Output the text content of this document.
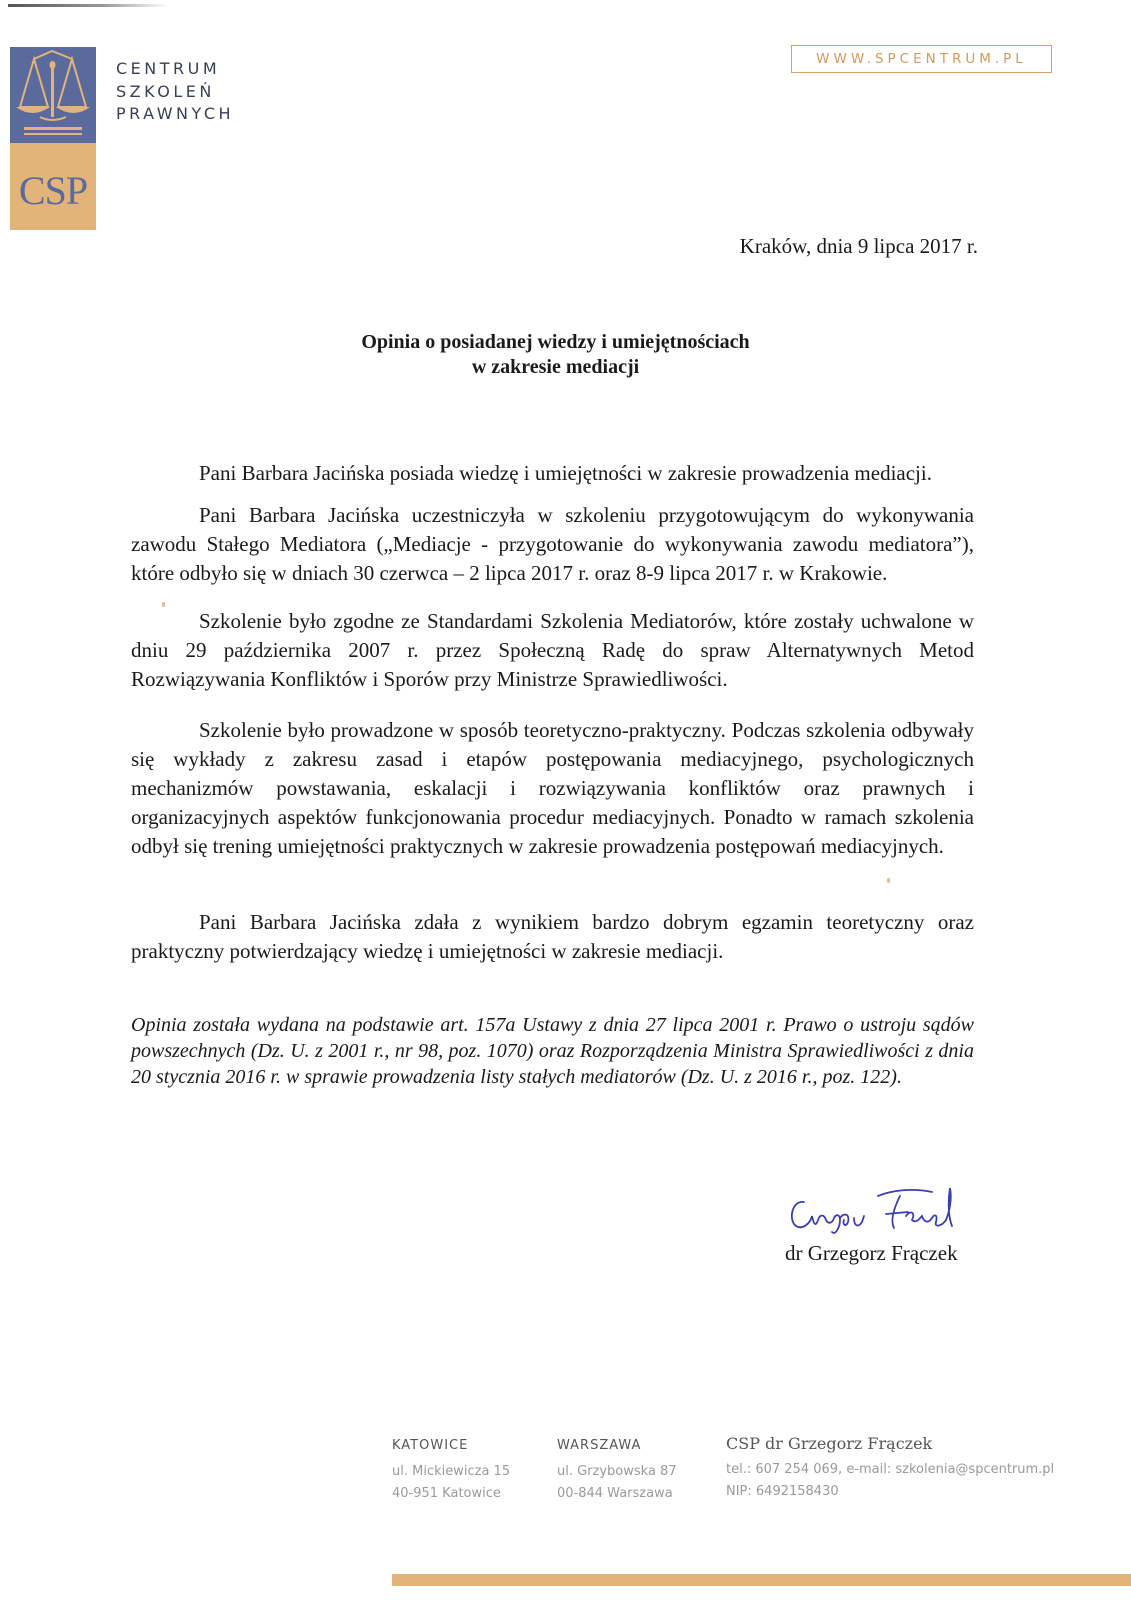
CSP
CENTRUM
SZKOLEŃ
PRAWNYCH
WWW.SPCENTRUM.PL
Kraków, dnia 9 lipca 2017 r.
Opinia o posiadanej wiedzy i umiejętnościach
w zakresie mediacji

Pani Barbara Jacińska posiada wiedzę i umiejętności w zakresie prowadzenia mediacji.

Pani Barbara Jacińska uczestniczyła w szkoleniu przygotowującym do wykonywania zawodu Stałego Mediatora („Mediacje - przygotowanie do wykonywania zawodu mediatora”), które odbyło się w dniach 30 czerwca – 2 lipca 2017 r. oraz 8-9 lipca 2017 r. w Krakowie.

Szkolenie było zgodne ze Standardami Szkolenia Mediatorów, które zostały uchwalone w dniu 29 października 2007 r. przez Społeczną Radę do spraw Alternatywnych Metod Rozwiązywania Konfliktów i Sporów przy Ministrze Sprawiedliwości.

Szkolenie było prowadzone w sposób teoretyczno-praktyczny. Podczas szkolenia odbywały się wykłady z zakresu zasad i etapów postępowania mediacyjnego, psychologicznych mechanizmów powstawania, eskalacji i rozwiązywania konfliktów oraz prawnych i organizacyjnych aspektów funkcjonowania procedur mediacyjnych. Ponadto w ramach szkolenia odbył się trening umiejętności praktycznych w zakresie prowadzenia postępowań mediacyjnych.

Pani Barbara Jacińska zdała z wynikiem bardzo dobrym egzamin teoretyczny oraz praktyczny potwierdzający wiedzę i umiejętności w zakresie mediacji.

Opinia została wydana na podstawie art. 157a Ustawy z dnia 27 lipca 2001 r. Prawo o ustroju sądów powszechnych (Dz. U. z 2001 r., nr 98, poz. 1070) oraz Rozporządzenia Ministra Sprawiedliwości z dnia 20 stycznia 2016 r. w sprawie prowadzenia listy stałych mediatorów (Dz. U. z 2016 r., poz. 122).
dr Grzegorz Frączek
KATOWICE
ul. Mickiewicza 15
40-951 Katowice
WARSZAWA
ul. Grzybowska 87
00-844 Warszawa
CSP dr Grzegorz Frączek
tel.: 607 254 069, e-mail: szkolenia@spcentrum.pl
NIP: 6492158430
